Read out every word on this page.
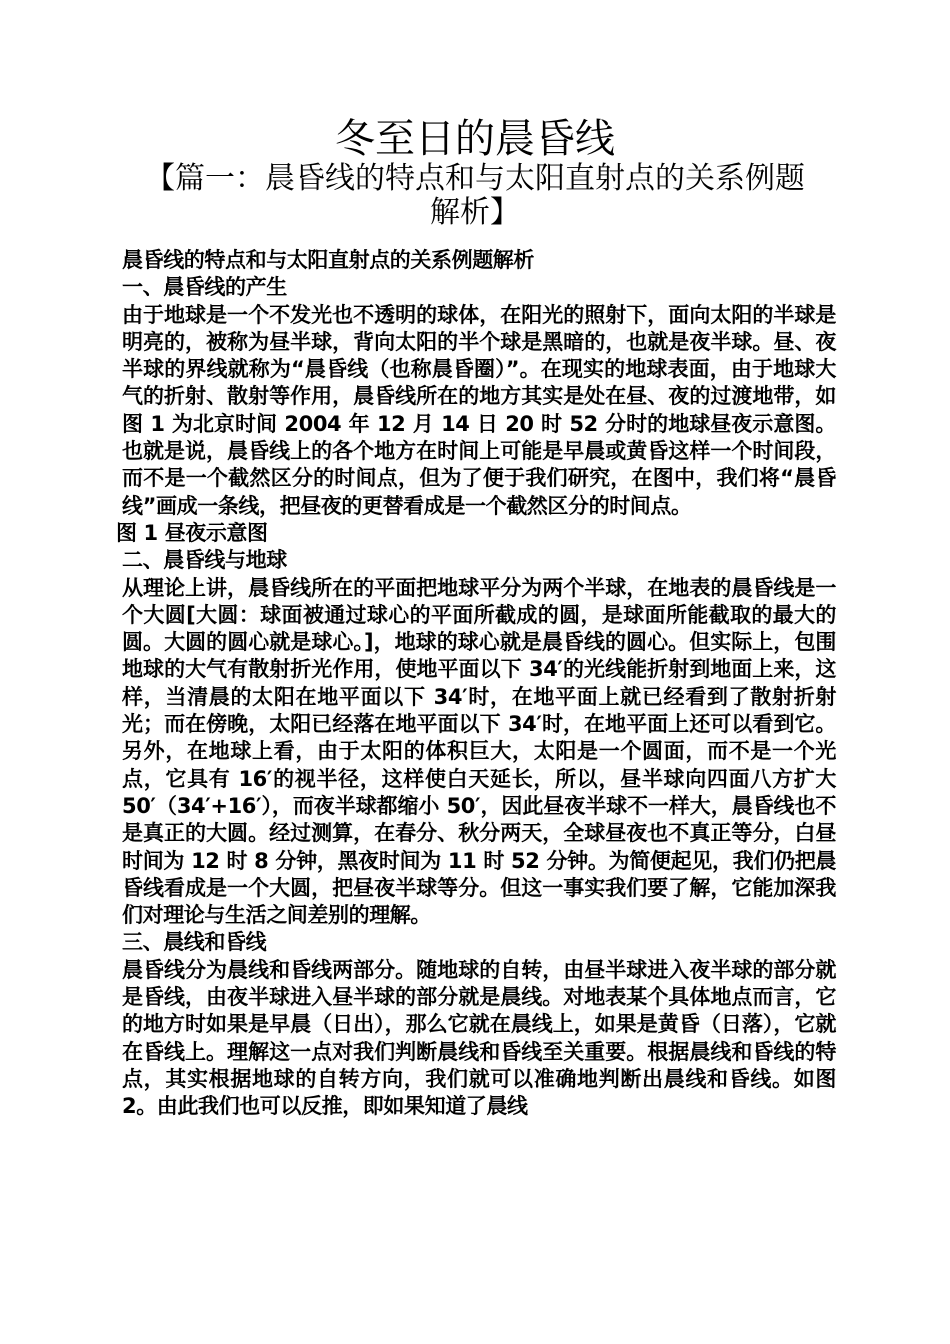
冬至日的晨昏线
【篇一：晨昏线的特点和与太阳直射点的关系例题解析】

晨昏线的特点和与太阳直射点的关系例题解析

一、晨昏线的产生

由于地球是一个不发光也不透明的球体，在阳光的照射下，面向太阳的半球是明亮的，被称为昼半球，背向太阳的半个球是黑暗的，也就是夜半球。昼、夜半球的界线就称为“晨昏线（也称晨昏圈）”。在现实的地球表面，由于地球大气的折射、散射等作用，晨昏线所在的地方其实是处在昼、夜的过渡地带，如图 1 为北京时间 2004 年 12 月 14 日 20 时 52 分时的地球昼夜示意图。也就是说，晨昏线上的各个地方在时间上可能是早晨或黄昏这样一个时间段，而不是一个截然区分的时间点，但为了便于我们研究，在图中，我们将“晨昏线”画成一条线，把昼夜的更替看成是一个截然区分的时间点。

图 1 昼夜示意图

二、晨昏线与地球

从理论上讲，晨昏线所在的平面把地球平分为两个半球，在地表的晨昏线是一个大圆[大圆：球面被通过球心的平面所截成的圆，是球面所能截取的最大的圆。大圆的圆心就是球心。]，地球的球心就是晨昏线的圆心。但实际上，包围地球的大气有散射折光作用，使地平面以下 34′的光线能折射到地面上来，这样，当清晨的太阳在地平面以下 34′时，在地平面上就已经看到了散射折射光；而在傍晚，太阳已经落在地平面以下 34′时，在地平面上还可以看到它。另外，在地球上看，由于太阳的体积巨大，太阳是一个圆面，而不是一个光点，它具有 16′的视半径，这样使白天延长，所以，昼半球向四面八方扩大 50′（34′+16′），而夜半球都缩小 50′，因此昼夜半球不一样大，晨昏线也不是真正的大圆。经过测算，在春分、秋分两天，全球昼夜也不真正等分，白昼时间为 12 时 8 分钟，黑夜时间为 11 时 52 分钟。为简便起见，我们仍把晨昏线看成是一个大圆，把昼夜半球等分。但这一事实我们要了解，它能加深我们对理论与生活之间差别的理解。

三、晨线和昏线

晨昏线分为晨线和昏线两部分。随地球的自转，由昼半球进入夜半球的部分就是昏线，由夜半球进入昼半球的部分就是晨线。对地表某个具体地点而言，它的地方时如果是早晨（日出），那么它就在晨线上，如果是黄昏（日落），它就在昏线上。理解这一点对我们判断晨线和昏线至关重要。根据晨线和昏线的特点，其实根据地球的自转方向，我们就可以准确地判断出晨线和昏线。如图 2。由此我们也可以反推，即如果知道了晨线
